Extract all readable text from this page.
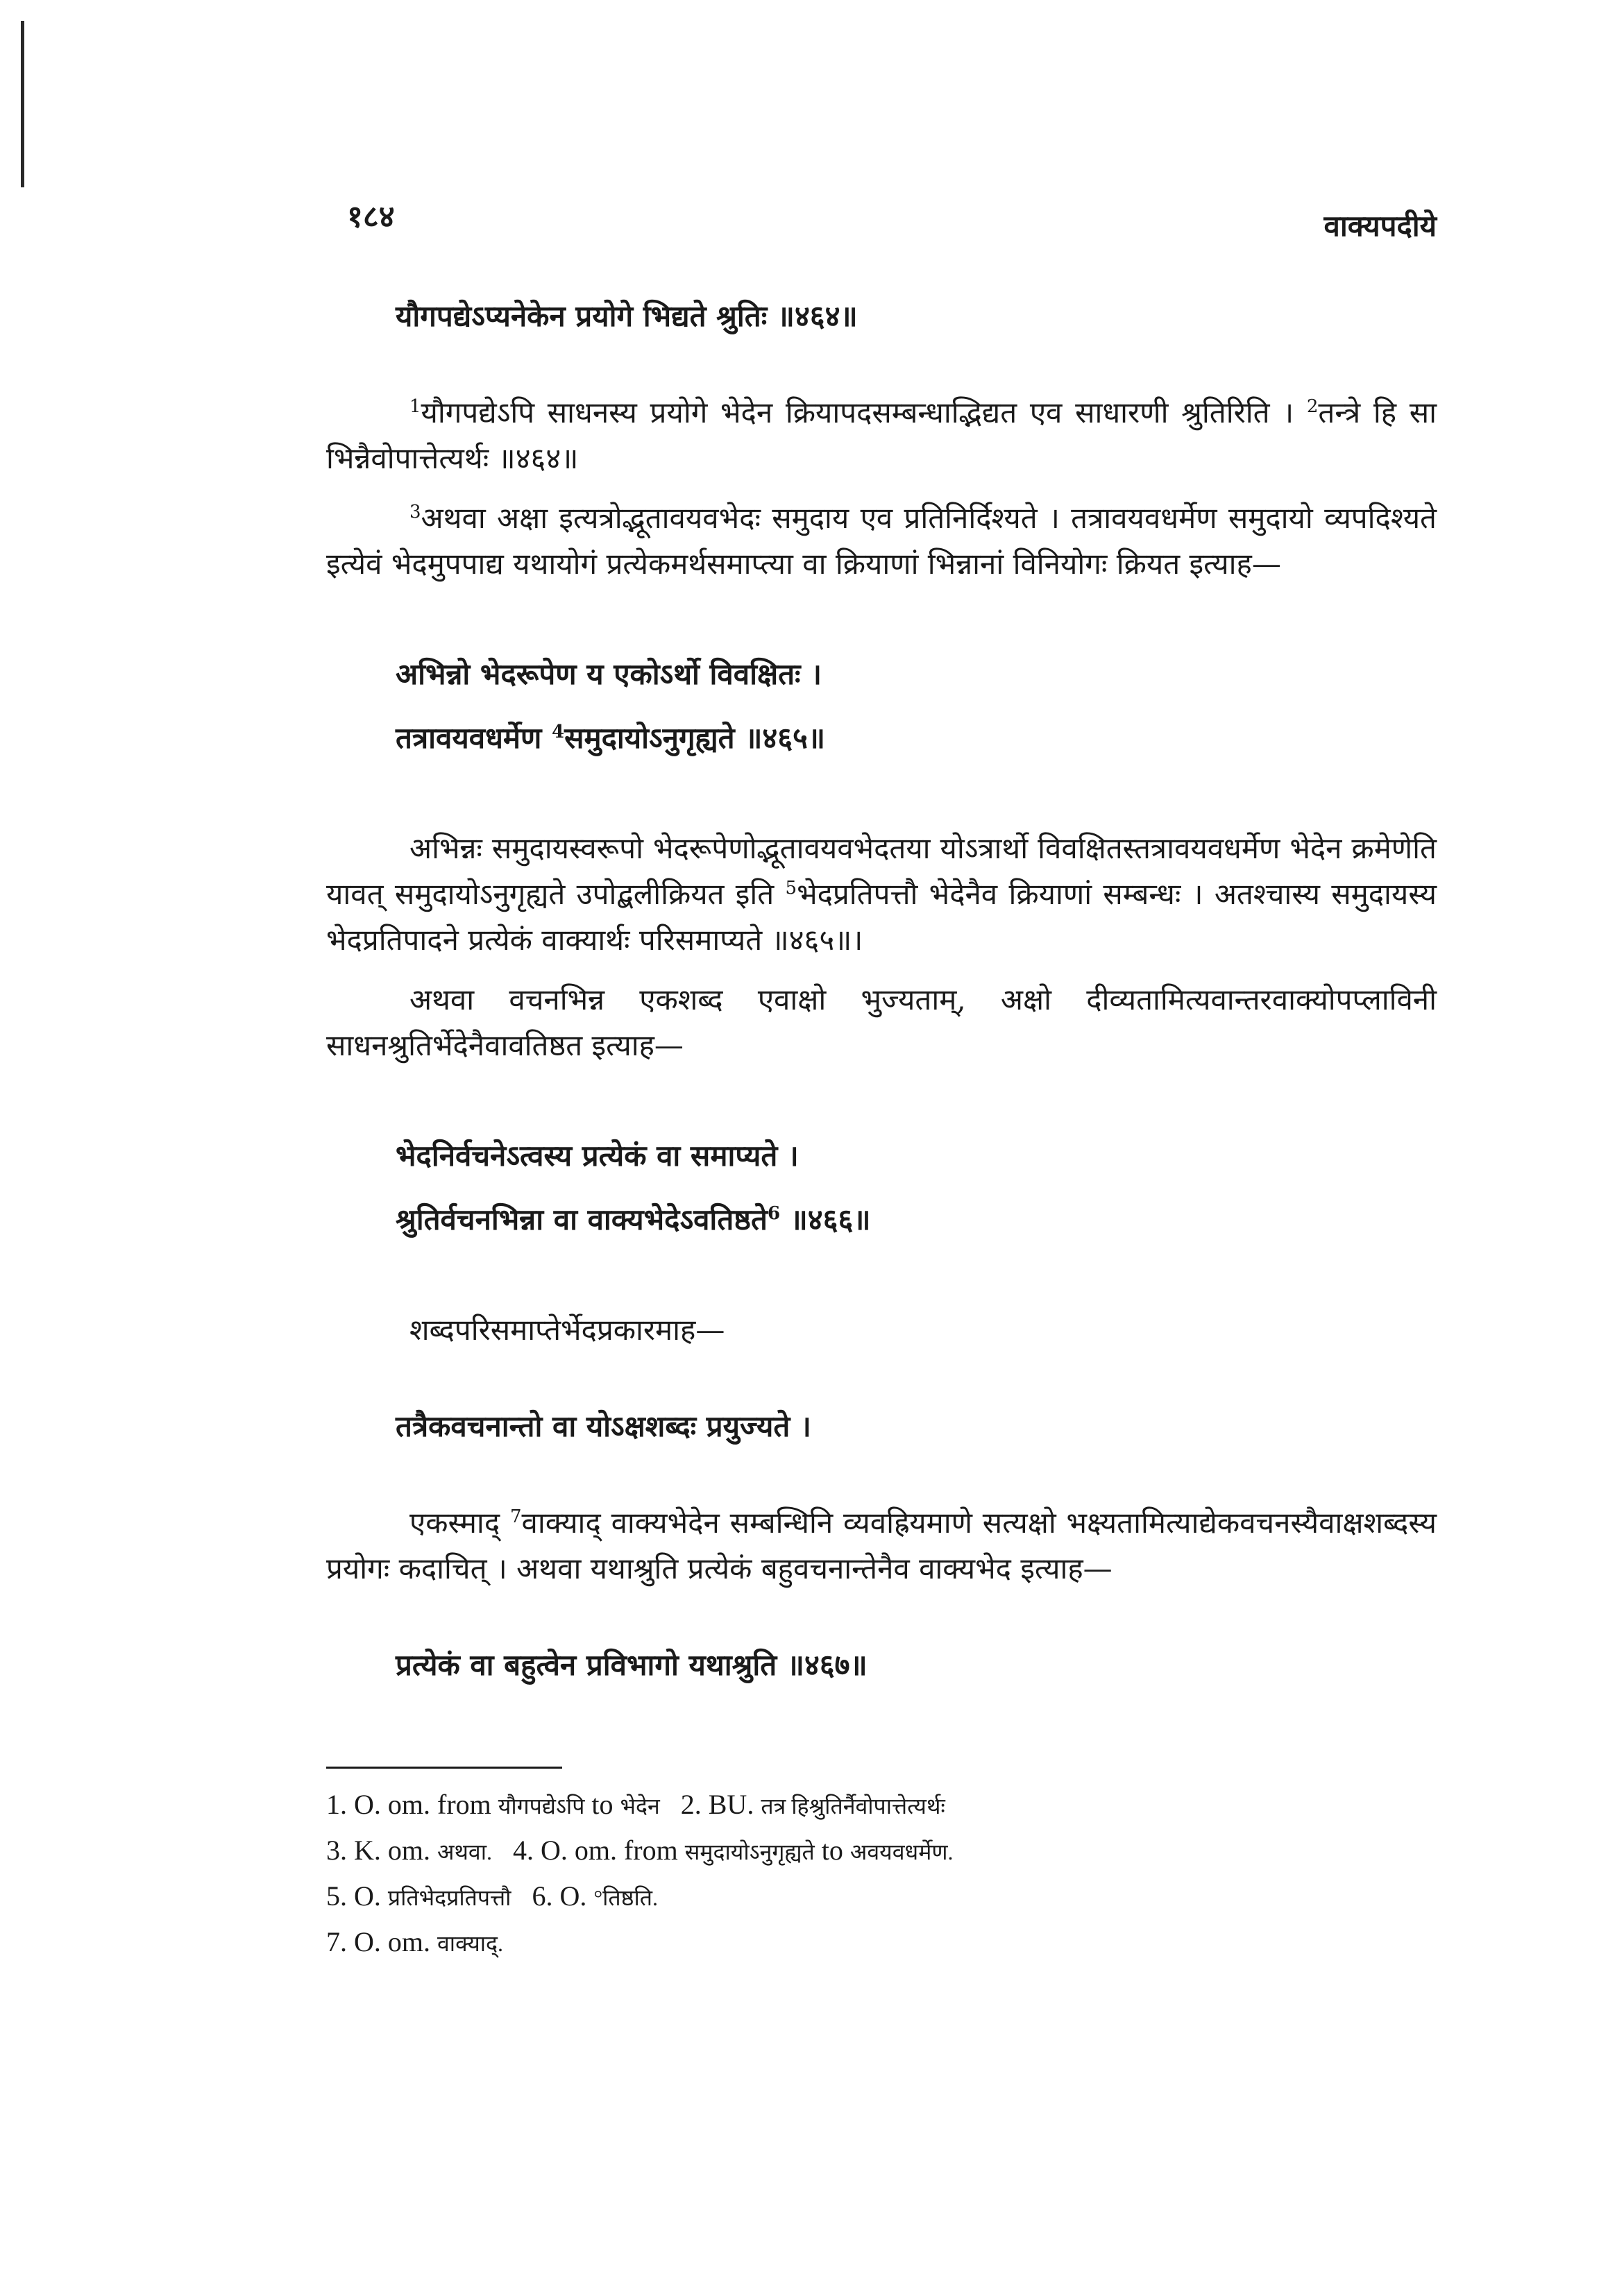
१८४	वाक्यपदीये
यौगपद्येऽप्यनेकेन प्रयोगे भिद्यते श्रुतिः ॥४६४॥

$^1$यौगपद्येऽपि साधनस्य प्रयोगे भेदेन क्रियापदसम्बन्धाद्भिद्यत एव साधारणी श्रुतिरिति । $^2$तन्त्रे हि सा भिन्नैवोपात्तेत्यर्थः ॥४६४॥

$^3$अथवा अक्षा इत्यत्रोद्भूतावयवभेदः समुदाय एव प्रतिनिर्दिश्यते । तत्रावयवधर्मेण समुदायो व्यपदिश्यते इत्येवं भेदमुपपाद्य यथायोगं प्रत्येकमर्थसमाप्त्या वा क्रियाणां भिन्नानां विनियोगः क्रियत इत्याह—

अभिन्नो भेदरूपेण य एकोऽर्थो विवक्षितः ।
तत्रावयवधर्मेण $^4$समुदायोऽनुगृह्यते ॥४६५॥

अभिन्नः समुदायस्वरूपो भेदरूपेणोद्भूतावयवभेदतया योऽत्रार्थो विवक्षितस्तत्रावयवधर्मेण भेदेन क्रमेणेति यावत् समुदायोऽनुगृह्यते उपोद्बलीक्रियत इति $^5$भेदप्रतिपत्तौ भेदेनैव क्रियाणां सम्बन्धः । अतश्चास्य समुदायस्य भेदप्रतिपादने प्रत्येकं वाक्यार्थः परिसमाप्यते ॥४६५॥।

अथवा वचनभिन्न एकशब्द एवाक्षो भुज्यताम्, अक्षो दीव्यतामित्यवान्तरवाक्योपप्लाविनी साधनश्रुतिर्भेदेनैवावतिष्ठत इत्याह—

भेदनिर्वचनेऽत्वस्य प्रत्येकं वा समाप्यते ।
श्रुतिर्वचनभिन्ना वा वाक्यभेदेऽवतिष्ठते$^6$ ॥४६६॥
शब्दपरिसमाप्तेर्भेदप्रकारमाह—
तत्रैकवचनान्तो वा योऽक्षशब्दः प्रयुज्यते ।

एकस्माद् $^7$वाक्याद् वाक्यभेदेन सम्बन्धिनि व्यवह्रियमाणे सत्यक्षो भक्ष्यतामित्याद्येकवचनस्यैवाक्षशब्दस्य प्रयोगः कदाचित् । अथवा यथाश्रुति प्रत्येकं बहुवचनान्तेनैव वाक्यभेद इत्याह—

प्रत्येकं वा बहुत्वेन प्रविभागो यथाश्रुति ॥४६७॥
1. O. om. from यौगपद्येऽपि to भेदेन   2. BU. तत्र हिश्रुतिर्नैवोपात्तेत्यर्थः
3. K. om. अथवा.   4. O. om. from समुदायोऽनुगृह्यते to अवयवधर्मेण.
5. O. प्रतिभेदप्रतिपत्तौ   6. O. °तिष्ठति.
7. O. om. वाक्याद्.
